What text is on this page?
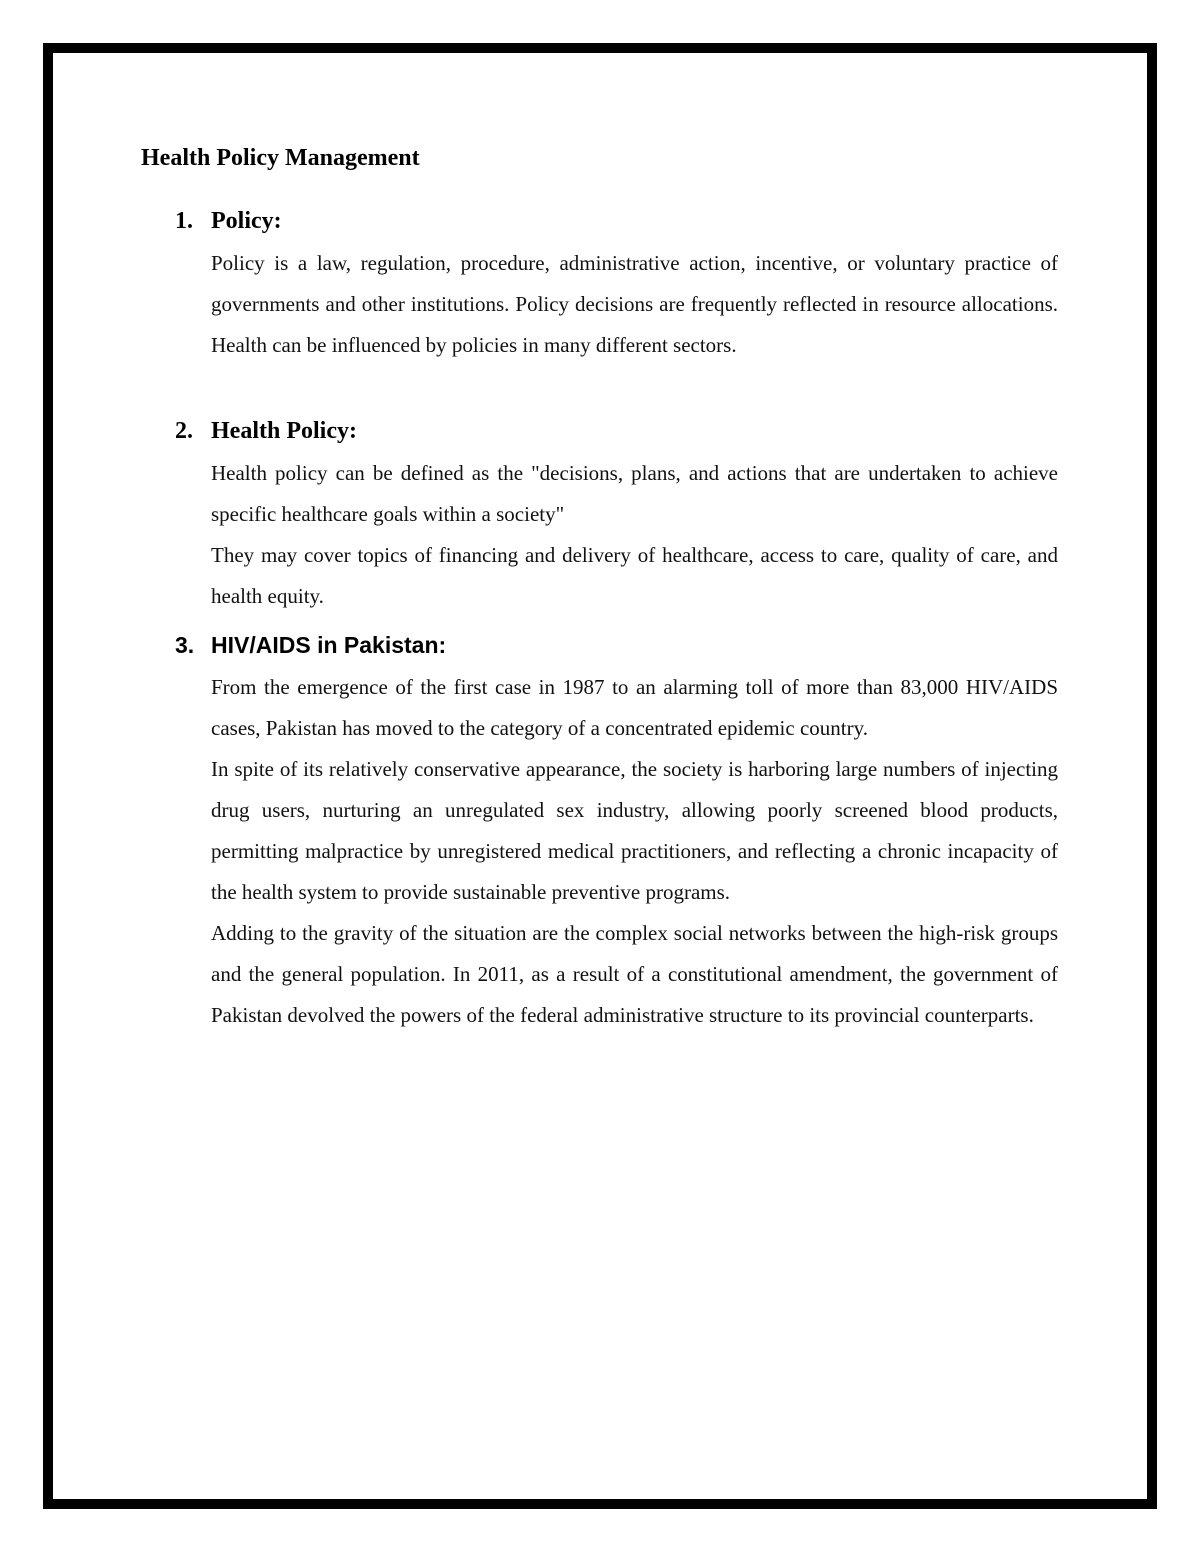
Health Policy Management
1. Policy:

Policy is a law, regulation, procedure, administrative action, incentive, or voluntary practice of governments and other institutions. Policy decisions are frequently reflected in resource allocations. Health can be influenced by policies in many different sectors.

2. Health Policy:

Health policy can be defined as the "decisions, plans, and actions that are undertaken to achieve specific healthcare goals within a society"

They may cover topics of financing and delivery of healthcare, access to care, quality of care, and health equity.

3. HIV/AIDS in Pakistan:

From the emergence of the first case in 1987 to an alarming toll of more than 83,000 HIV/AIDS cases, Pakistan has moved to the category of a concentrated epidemic country.

In spite of its relatively conservative appearance, the society is harboring large numbers of injecting drug users, nurturing an unregulated sex industry, allowing poorly screened blood products, permitting malpractice by unregistered medical practitioners, and reflecting a chronic incapacity of the health system to provide sustainable preventive programs.

Adding to the gravity of the situation are the complex social networks between the high-risk groups and the general population. In 2011, as a result of a constitutional amendment, the government of Pakistan devolved the powers of the federal administrative structure to its provincial counterparts.
